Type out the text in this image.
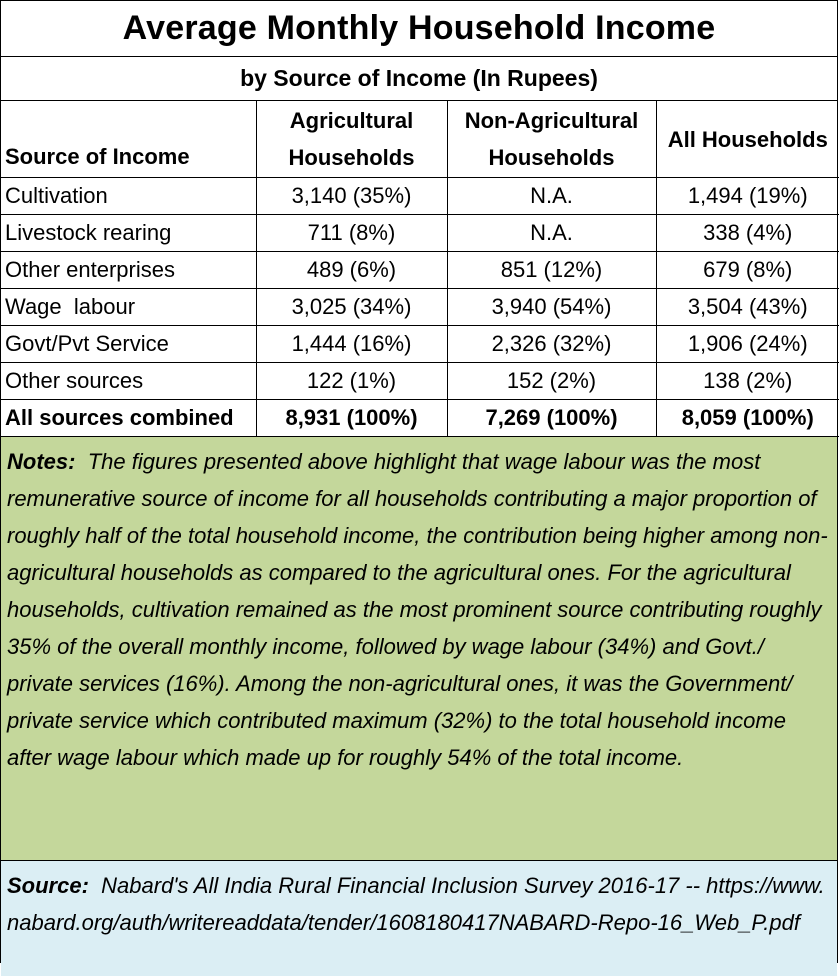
Average Monthly Household Income
by Source of Income (In Rupees)
Source of Income	Agricultural Households	Non-Agricultural Households	All Households
Cultivation	3,140 (35%)	N.A.	1,494 (19%)
Livestock rearing	711 (8%)	N.A.	338 (4%)
Other enterprises	489 (6%)	851 (12%)	679 (8%)
Wage  labour	3,025 (34%)	3,940 (54%)	3,504 (43%)
Govt/Pvt Service	1,444 (16%)	2,326 (32%)	1,906 (24%)
Other sources	122 (1%)	152 (2%)	138 (2%)
All sources combined	8,931 (100%)	7,269 (100%)	8,059 (100%)
Notes: The figures presented above highlight that wage labour was the most remunerative source of income for all households contributing a major proportion of roughly half of the total household income, the contribution being higher among non-agricultural households as compared to the agricultural ones. For the agricultural households, cultivation remained as the most prominent source contributing roughly 35% of the overall monthly income, followed by wage labour (34%) and Govt./ private services (16%). Among the non-agricultural ones, it was the Government/ private service which contributed maximum (32%) to the total household income after wage labour which made up for roughly 54% of the total income.
Source: Nabard's All India Rural Financial Inclusion Survey 2016-17 -- https://www.nabard.org/auth/writereaddata/tender/1608180417NABARD-Repo-16_Web_P.pdf
